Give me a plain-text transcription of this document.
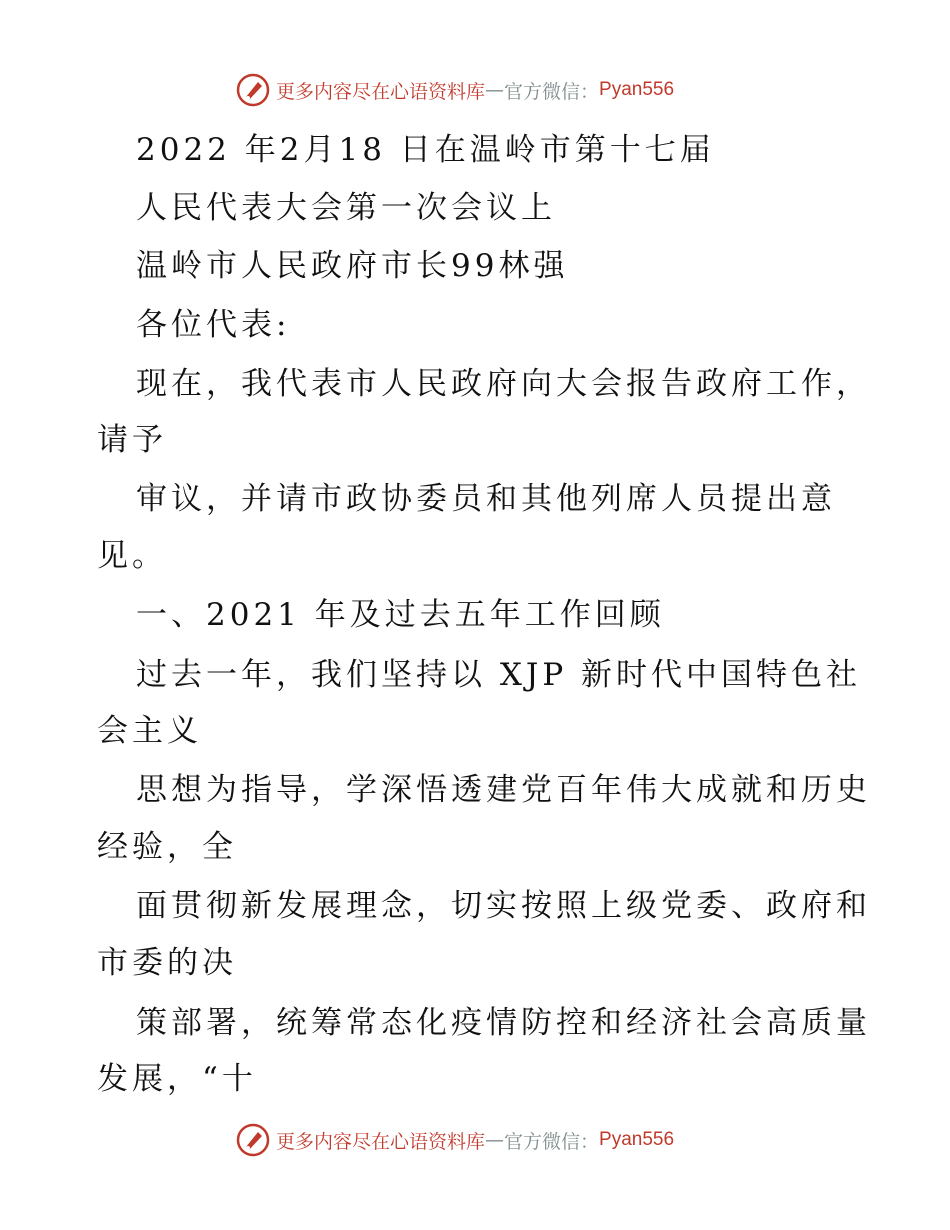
更多内容尽在心语资料库 — 官方微信： Pyan556
2022 年2月18 日在温岭市第十七届
人民代表大会第一次会议上
温岭市人民政府市长99林强
各位代表:
现在，我代表市人民政府向大会报告政府工作，
请予
审议，并请市政协委员和其他列席人员提出意
见。
一、2021 年及过去五年工作回顾
过去一年，我们坚持以 XJP 新时代中国特色社
会主义
思想为指导，学深悟透建党百年伟大成就和历史
经验，全
面贯彻新发展理念，切实按照上级党委、政府和
市委的决
策部署，统筹常态化疫情防控和经济社会高质量
发展，“十
更多内容尽在心语资料库 — 官方微信： Pyan556
